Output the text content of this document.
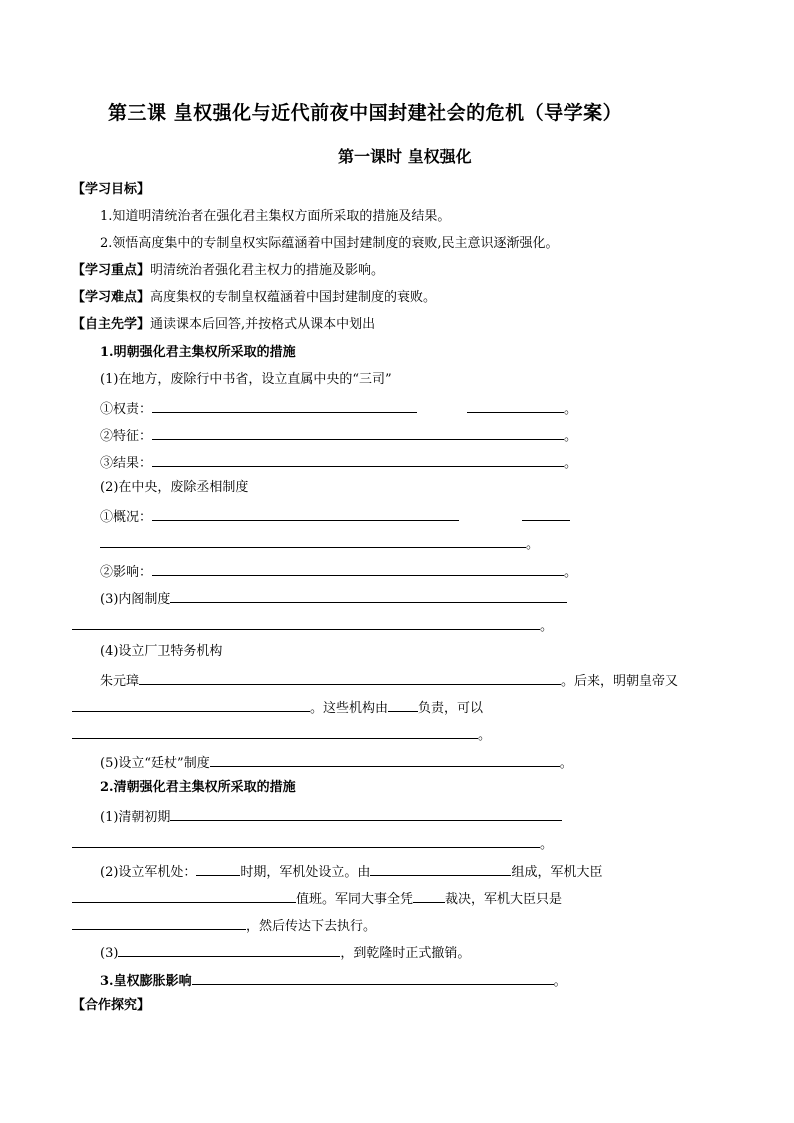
第三课 皇权强化与近代前夜中国封建社会的危机（导学案）
第一课时 皇权强化
【学习目标】
1.知道明清统治者在强化君主集权方面所采取的措施及结果。
2.领悟高度集中的专制皇权实际蕴涵着中国封建制度的衰败,民主意识逐渐强化。
【学习重点】明清统治者强化君主权力的措施及影响。
【学习难点】高度集权的专制皇权蕴涵着中国封建制度的衰败。
【自主先学】通读课本后回答,并按格式从课本中划出
1.明朝强化君主集权所采取的措施
(1)在地方，废除行中书省，设立直属中央的“三司”
①权责：	。
②特征：	。
③结果：	。
(2)在中央，废除丞相制度
①概况：
。
②影响：	。
(3)内阁制度
。
(4)设立厂卫特务机构
朱元璋	。后来，明朝皇帝又
。这些机构由 负责，可以
。
(5)设立“廷杖”制度	。
2.清朝强化君主集权所采取的措施
(1)清朝初期
。
(2)设立军机处：	时期，军机处设立。由	组成，军机大臣
值班。军同大事全凭 裁决，军机大臣只是
，然后传达下去执行。
(3)	，到乾隆时正式撤销。
3.皇权膨胀影响	。
【合作探究】
